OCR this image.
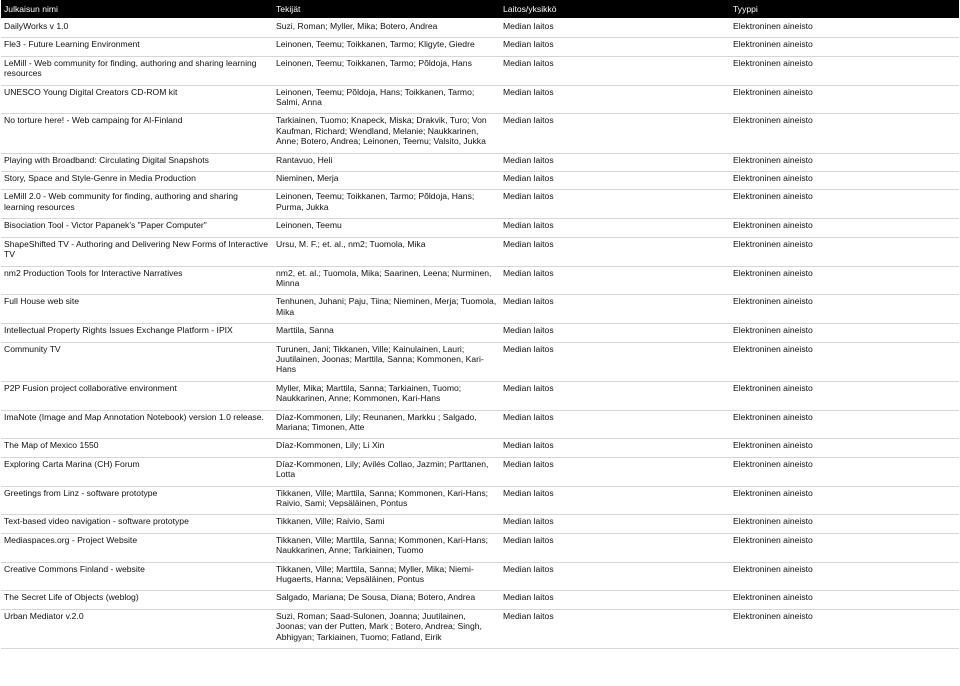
Julkaisun nimi	Tekijät	Laitos/yksikkö	Tyyppi
DailyWorks v 1.0	Suzi, Roman; Myller, Mika; Botero, Andrea	Median laitos	Elektroninen aineisto
Fle3 - Future Learning Environment	Leinonen, Teemu; Toikkanen, Tarmo; Kligyte, Giedre	Median laitos	Elektroninen aineisto
LeMill - Web community for finding, authoring and sharing learning resources	Leinonen, Teemu; Toikkanen, Tarmo; Põldoja, Hans	Median laitos	Elektroninen aineisto
UNESCO Young Digital Creators CD-ROM kit	Leinonen, Teemu; Põldoja, Hans; Toikkanen, Tarmo; Salmi, Anna	Median laitos	Elektroninen aineisto
No torture here! - Web campaing for AI-Finland	Tarkiainen, Tuomo; Knapeck, Miska; Drakvik, Turo; Von Kaufman, Richard; Wendland, Melanie; Naukkarinen, Anne; Botero, Andrea; Leinonen, Teemu; Valsito, Jukka	Median laitos	Elektroninen aineisto
Playing with Broadband: Circulating Digital Snapshots	Rantavuo, Heli	Median laitos	Elektroninen aineisto
Story, Space and Style-Genre in Media Production	Nieminen, Merja	Median laitos	Elektroninen aineisto
LeMill 2.0 - Web community for finding, authoring and sharing learning resources	Leinonen, Teemu; Toikkanen, Tarmo; Põldoja, Hans; Purma, Jukka	Median laitos	Elektroninen aineisto
Bisociation Tool - Victor Papanek's "Paper Computer"	Leinonen, Teemu	Median laitos	Elektroninen aineisto
ShapeShifted TV - Authoring and Delivering New Forms of Interactive TV	Ursu, M. F.; et. al., nm2; Tuomola, Mika	Median laitos	Elektroninen aineisto
nm2 Production Tools for Interactive Narratives	nm2, et. al.; Tuomola, Mika; Saarinen, Leena; Nurminen, Minna	Median laitos	Elektroninen aineisto
Full House web site	Tenhunen, Juhani; Paju, Tiina; Nieminen, Merja; Tuomola, Mika	Median laitos	Elektroninen aineisto
Intellectual Property Rights Issues Exchange Platform - IPIX	Marttila, Sanna	Median laitos	Elektroninen aineisto
Community TV	Turunen, Jani; Tikkanen, Ville; Kainulainen, Lauri; Juutilainen, Joonas; Marttila, Sanna; Kommonen, Kari-Hans	Median laitos	Elektroninen aineisto
P2P Fusion project collaborative environment	Myller, Mika; Marttila, Sanna; Tarkiainen, Tuomo; Naukkarinen, Anne; Kommonen, Kari-Hans	Median laitos	Elektroninen aineisto
ImaNote (Image and Map Annotation Notebook) version 1.0 release.	Díaz-Kommonen, Lily; Reunanen, Markku ; Salgado, Mariana; Timonen, Atte	Median laitos	Elektroninen aineisto
The Map of Mexico 1550	Díaz-Kommonen, Lily; Li Xin	Median laitos	Elektroninen aineisto
Exploring Carta Marina (CH) Forum	Díaz-Kommonen, Lily; Avilés Collao, Jazmin; Parttanen, Lotta	Median laitos	Elektroninen aineisto
Greetings from Linz - software prototype	Tikkanen, Ville; Marttila, Sanna; Kommonen, Kari-Hans; Raivio, Sami; Vepsäläinen, Pontus	Median laitos	Elektroninen aineisto
Text-based video navigation - software prototype	Tikkanen, Ville; Raivio, Sami	Median laitos	Elektroninen aineisto
Mediaspaces.org - Project Website	Tikkanen, Ville; Marttila, Sanna; Kommonen, Kari-Hans; Naukkarinen, Anne; Tarkiainen, Tuomo	Median laitos	Elektroninen aineisto
Creative Commons Finland - website	Tikkanen, Ville; Marttila, Sanna; Myller, Mika; Niemi-Hugaerts, Hanna; Vepsäläinen, Pontus	Median laitos	Elektroninen aineisto
The Secret Life of Objects (weblog)	Salgado, Mariana; De Sousa, Diana; Botero, Andrea	Median laitos	Elektroninen aineisto
Urban Mediator v.2.0	Suzi, Roman; Saad-Sulonen, Joanna; Juutilainen, Joonas; van der Putten, Mark ; Botero, Andrea; Singh, Abhigyan; Tarkiainen, Tuomo; Fatland, Eirik	Median laitos	Elektroninen aineisto
